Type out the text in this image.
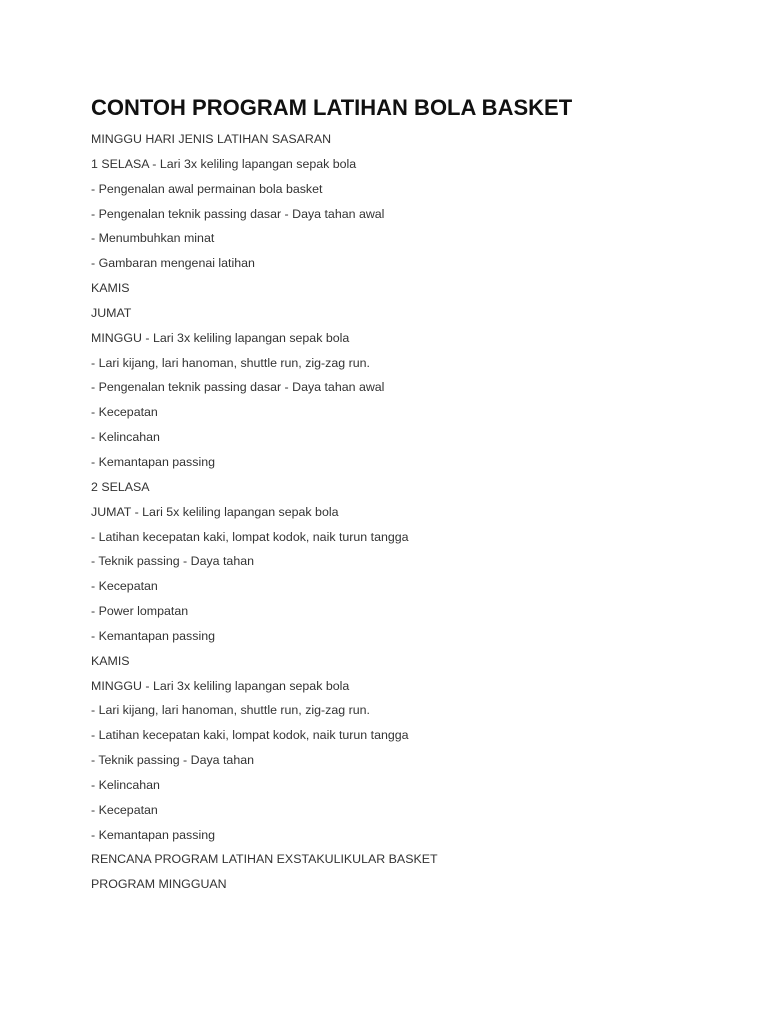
CONTOH PROGRAM LATIHAN BOLA BASKET
MINGGU HARI JENIS LATIHAN SASARAN
1 SELASA - Lari 3x keliling lapangan sepak bola
- Pengenalan awal permainan bola basket
- Pengenalan teknik passing dasar - Daya tahan awal
- Menumbuhkan minat
- Gambaran mengenai latihan
KAMIS
JUMAT
MINGGU - Lari 3x keliling lapangan sepak bola
- Lari kijang, lari hanoman, shuttle run, zig-zag run.
- Pengenalan teknik passing dasar - Daya tahan awal
- Kecepatan
- Kelincahan
- Kemantapan passing
2 SELASA
JUMAT - Lari 5x keliling lapangan sepak bola
- Latihan kecepatan kaki, lompat kodok, naik turun tangga
- Teknik passing - Daya tahan
- Kecepatan
- Power lompatan
- Kemantapan passing
KAMIS
MINGGU - Lari 3x keliling lapangan sepak bola
- Lari kijang, lari hanoman, shuttle run, zig-zag run.
- Latihan kecepatan kaki, lompat kodok, naik turun tangga
- Teknik passing - Daya tahan
- Kelincahan
- Kecepatan
- Kemantapan passing
RENCANA PROGRAM LATIHAN EXSTAKULIKULAR BASKET
PROGRAM MINGGUAN
